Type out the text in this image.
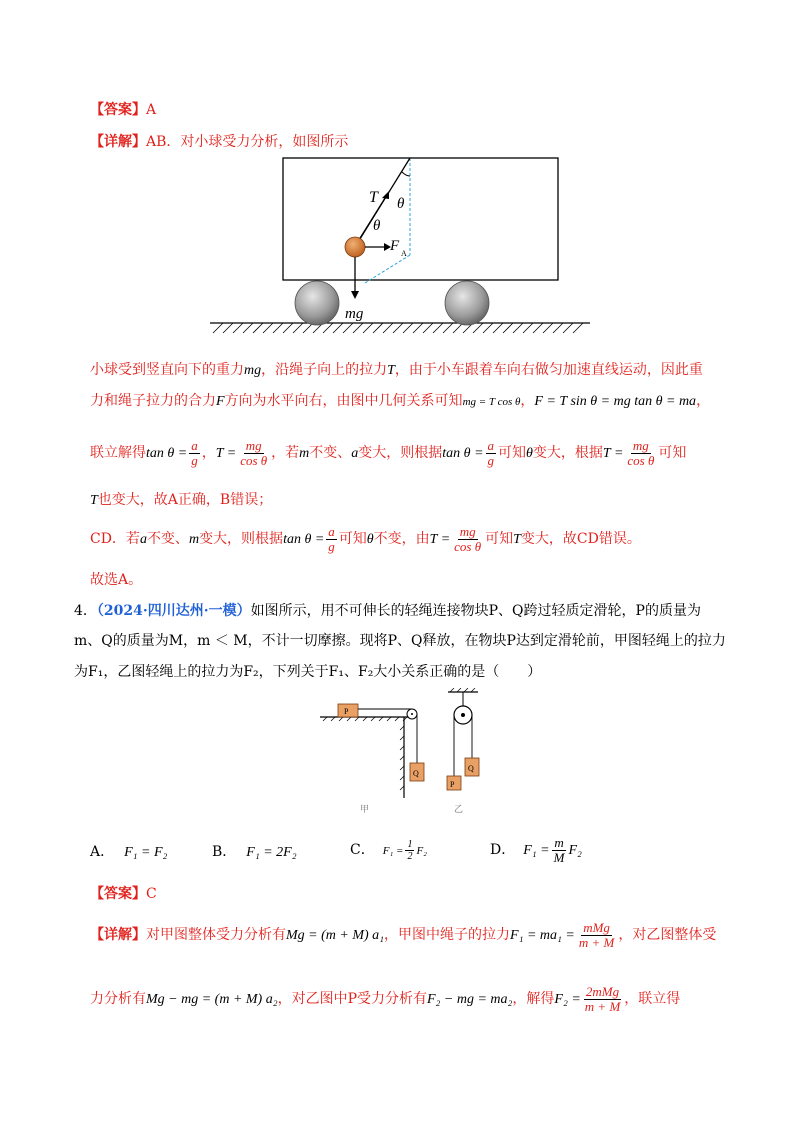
【答案】A
【详解】AB．对小球受力分析，如图所示
T θ
θ
F A
mg
小球受到竖直向下的重力mg，沿绳子向上的拉力T，由于小车跟着车向右做匀加速直线运动，因此重
力和绳子拉力的合力F方向为水平向右，由图中几何关系可知mg = T cos θ，F = T sin θ = mg tan θ = ma，
联立解得$\tan \theta = \frac{a}{g}$ ，$T = \frac{mg}{\text{cos θ}}$ ，若m不变、a变大，则根据$\tan \theta = \frac{a}{g}$ 可知θ变大，根据$T = \frac{mg}{\text{cos θ}}$ 可知
T也变大，故A正确，B错误；
CD．若a不变、m变大，则根据$\tan \theta = \frac{a}{g}$ 可知θ不变，由$T = \frac{mg}{\text{cos θ}}$ 可知T变大，故CD错误。
故选A。
4．（2024·四川达州·一模）如图所示，用不可伸长的轻绳连接物块P、Q跨过轻质定滑轮，P的质量为
m、Q的质量为M，m ＜ M，不计一切摩擦。现将P、Q释放，在物块P达到定滑轮前，甲图轻绳上的拉力
为F₁，乙图轻绳上的拉力为F₂，下列关于F₁、F₂大小关系正确的是（　　）
P
Q
甲
P
Q
乙
A． F₁ = F₂	B． F₁ = 2F₂	C． $F_1 = \frac{1}{2} F_2$	D． $F_1 = \frac{m}{M} F_2$
【答案】C
【详解】对甲图整体受力分析有Mg = (m + M) a₁，甲图中绳子的拉力$F_1 = ma_1 = \frac{\text{mMg}}{m + M}$ ，对乙图整体受
力分析有Mg − mg = (m + M) a₂，对乙图中P受力分析有F₂ − mg = ma₂，解得$F_2 = \frac{\text{2mMg}}{m + M}$ ，联立得
